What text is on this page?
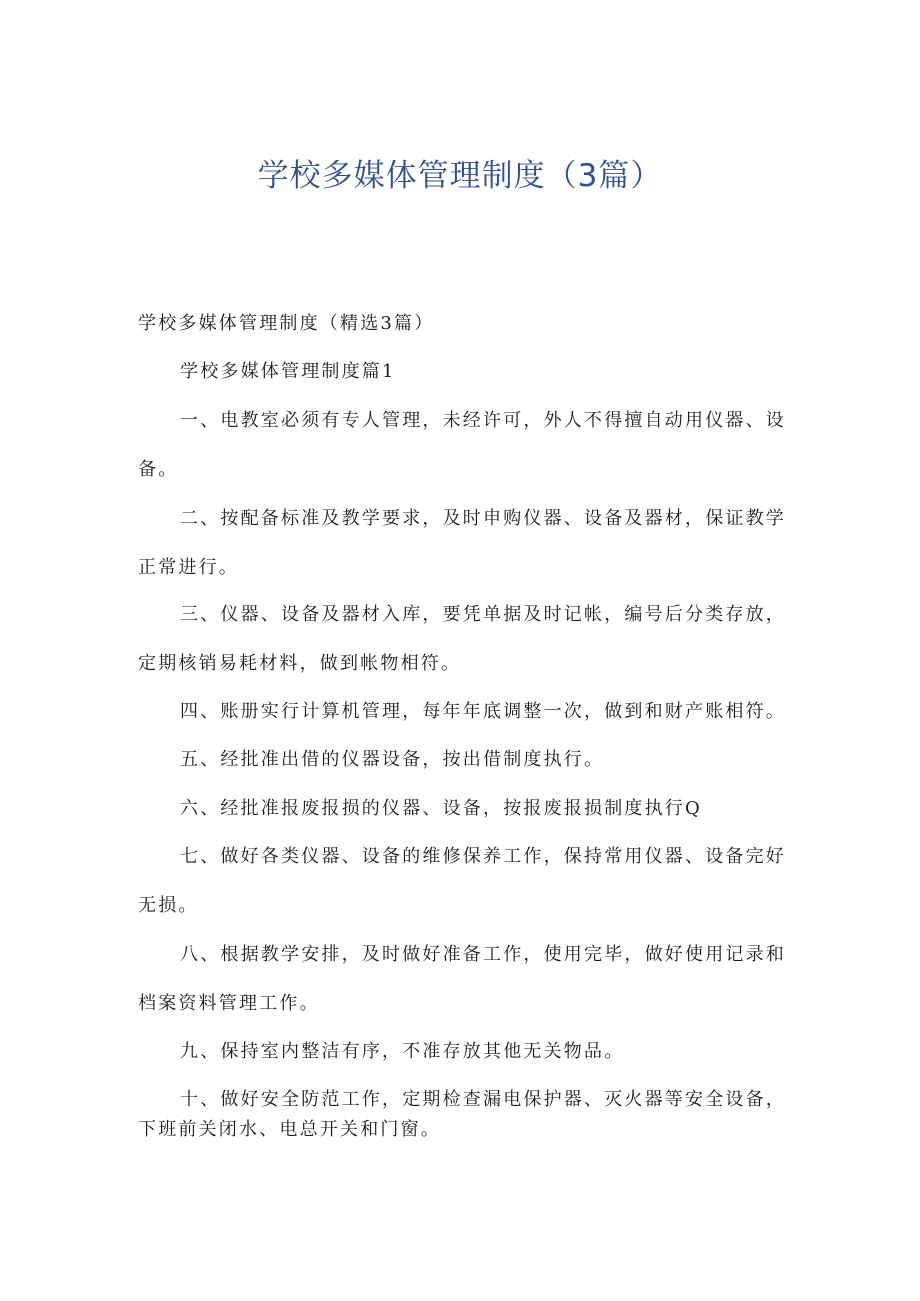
学校多媒体管理制度（3篇）

学校多媒体管理制度（精选3篇）

学校多媒体管理制度篇1

一、电教室必须有专人管理，未经许可，外人不得擅自动用仪器、设备。

二、按配备标准及教学要求，及时申购仪器、设备及器材，保证教学正常进行。

三、仪器、设备及器材入库，要凭单据及时记帐，编号后分类存放，定期核销易耗材料，做到帐物相符。

四、账册实行计算机管理，每年年底调整一次，做到和财产账相符。

五、经批准出借的仪器设备，按出借制度执行。

六、经批准报废报损的仪器、设备，按报废报损制度执行Q

七、做好各类仪器、设备的维修保养工作，保持常用仪器、设备完好无损。

八、根据教学安排，及时做好准备工作，使用完毕，做好使用记录和档案资料管理工作。

九、保持室内整洁有序，不准存放其他无关物品。

十、做好安全防范工作，定期检查漏电保护器、灭火器等安全设备，下班前关闭水、电总开关和门窗。
